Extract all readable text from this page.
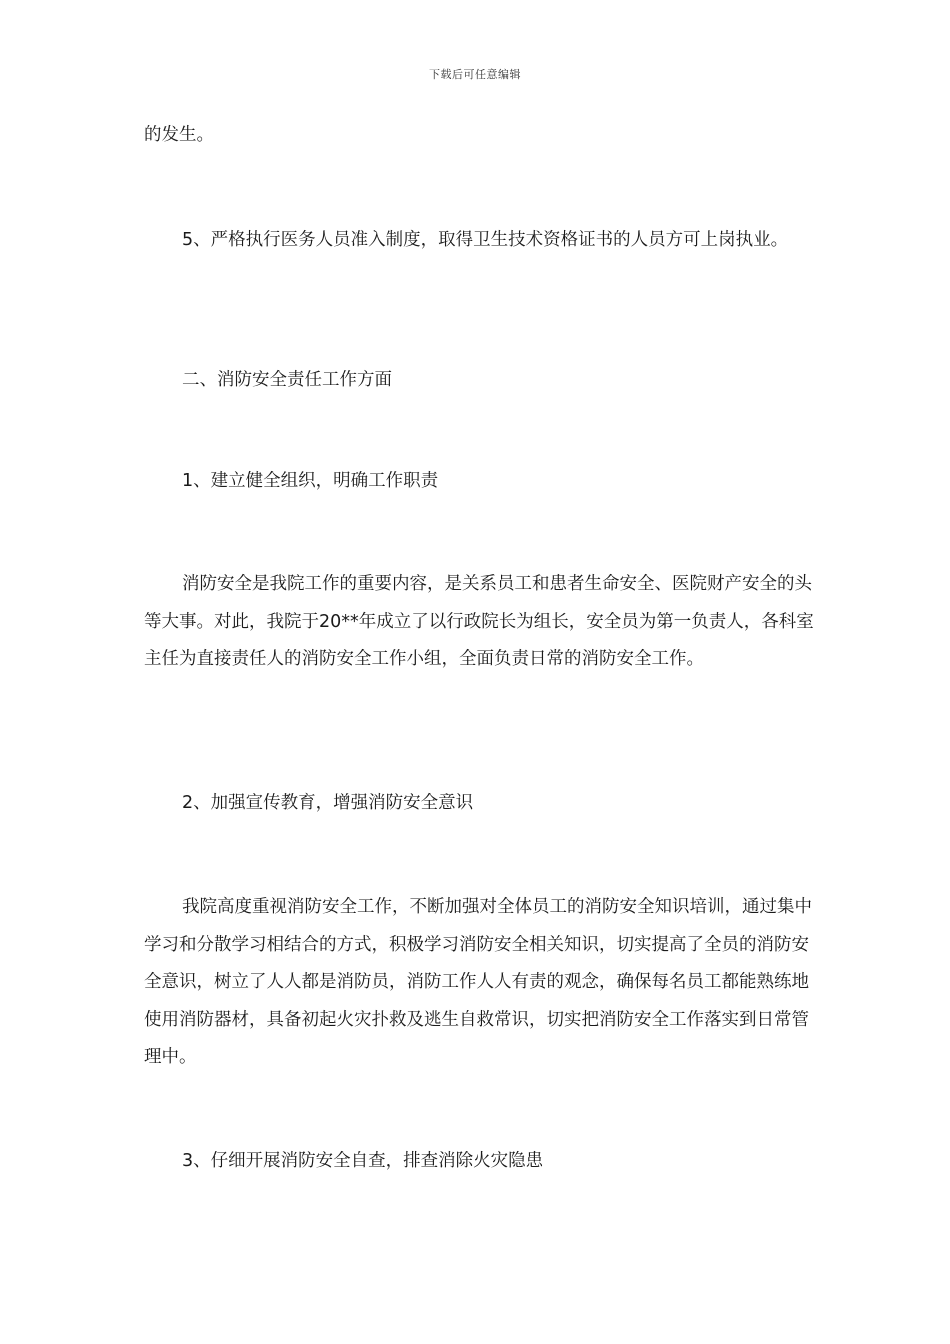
下载后可任意编辑

的发生。

5、严格执行医务人员准入制度，取得卫生技术资格证书的人员方可上岗执业。

二、消防安全责任工作方面

1、建立健全组织，明确工作职责

消防安全是我院工作的重要内容，是关系员工和患者生命安全、医院财产安全的头等大事。对此，我院于20**年成立了以行政院长为组长，安全员为第一负责人，各科室主任为直接责任人的消防安全工作小组，全面负责日常的消防安全工作。

2、加强宣传教育，增强消防安全意识

我院高度重视消防安全工作，不断加强对全体员工的消防安全知识培训，通过集中学习和分散学习相结合的方式，积极学习消防安全相关知识，切实提高了全员的消防安全意识，树立了人人都是消防员，消防工作人人有责的观念，确保每名员工都能熟练地使用消防器材，具备初起火灾扑救及逃生自救常识，切实把消防安全工作落实到日常管理中。

3、仔细开展消防安全自查，排查消除火灾隐患
